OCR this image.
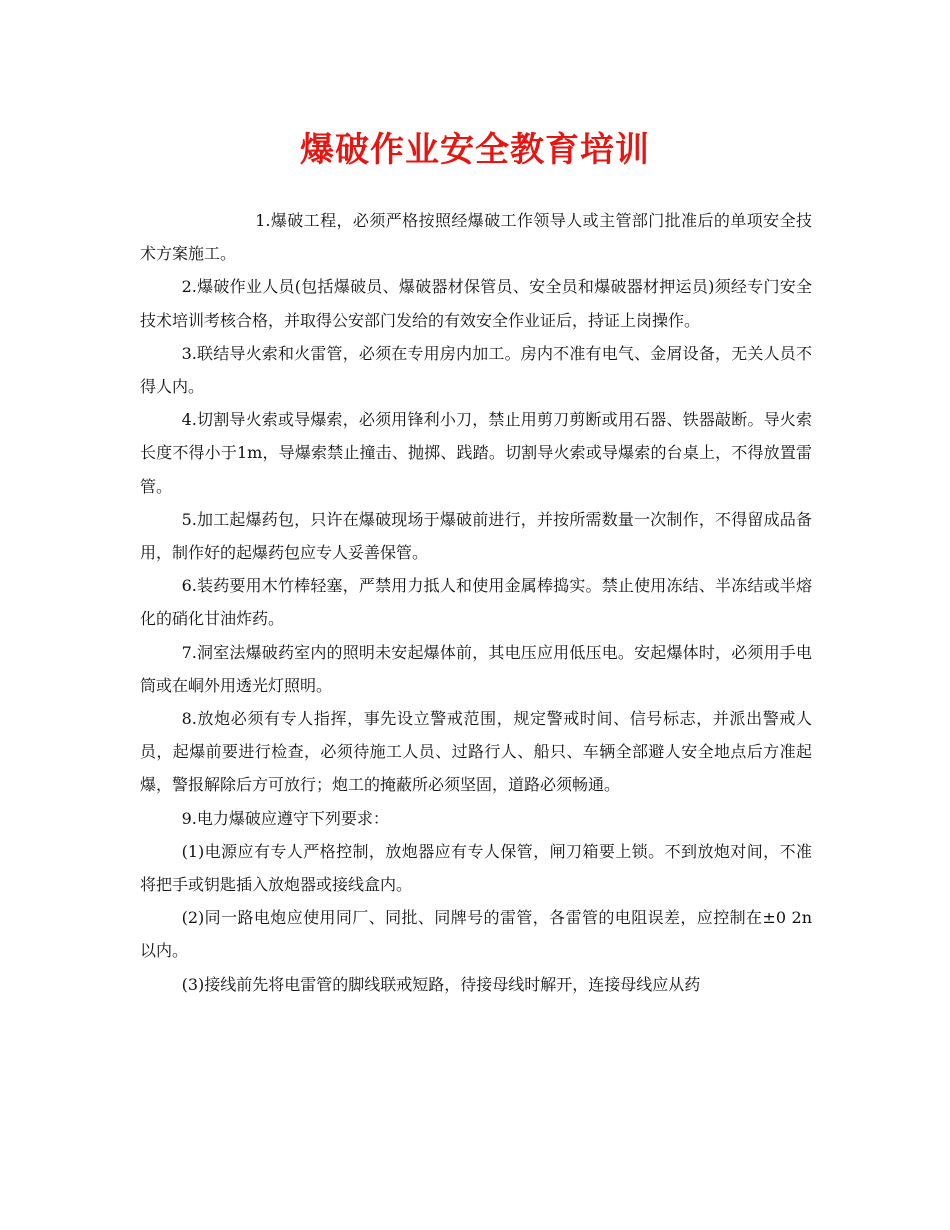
爆破作业安全教育培训

1.爆破工程，必须严格按照经爆破工作领导人或主管部门批准后的单项安全技术方案施工。

2.爆破作业人员(包括爆破员、爆破器材保管员、安全员和爆破器材押运员)须经专门安全技术培训考核合格，并取得公安部门发给的有效安全作业证后，持证上岗操作。

3.联结导火索和火雷管，必须在专用房内加工。房内不准有电气、金屑设备，无关人员不得人内。

4.切割导火索或导爆索，必须用锋利小刀，禁止用剪刀剪断或用石器、铁器敲断。导火索长度不得小于1m，导爆索禁止撞击、抛掷、践踏。切割导火索或导爆索的台桌上，不得放置雷管。

5.加工起爆药包，只许在爆破现场于爆破前进行，并按所需数量一次制作，不得留成品备用，制作好的起爆药包应专人妥善保管。

6.装药要用木竹棒轻塞，严禁用力抵人和使用金属棒捣实。禁止使用冻结、半冻结或半熔化的硝化甘油炸药。

7.洞室法爆破药室内的照明未安起爆体前，其电压应用低压电。安起爆体时，必须用手电筒或在峒外用透光灯照明。

8.放炮必须有专人指挥，事先设立警戒范围，规定警戒时间、信号标志，并派出警戒人员，起爆前要进行检查，必须待施工人员、过路行人、船只、车辆全部避人安全地点后方准起爆，警报解除后方可放行；炮工的掩蔽所必须坚固，道路必须畅通。

9.电力爆破应遵守下列要求：

(1)电源应有专人严格控制，放炮器应有专人保管，闸刀箱要上锁。不到放炮对间，不准将把手或钥匙插入放炮器或接线盒内。

(2)同一路电炮应使用同厂、同批、同牌号的雷管，各雷管的电阻误差，应控制在±0 2n以内。

(3)接线前先将电雷管的脚线联戒短路，待接母线时解开，连接母线应从药
